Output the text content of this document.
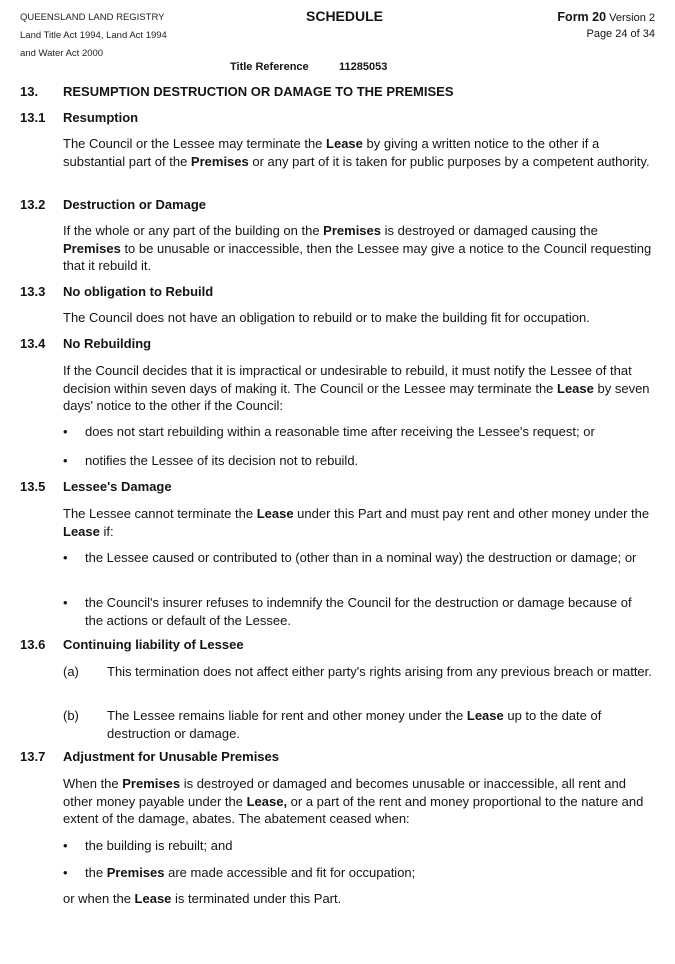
QUEENSLAND LAND REGISTRY
Land Title Act 1994, Land Act 1994
and Water Act 2000
SCHEDULE	Form 20 Version 2
Page 24 of 34
Title Reference	11285053
13. RESUMPTION DESTRUCTION OR DAMAGE TO THE PREMISES
13.1 Resumption
The Council or the Lessee may terminate the Lease by giving a written notice to the other if a substantial part of the Premises or any part of it is taken for public purposes by a competent authority.
13.2 Destruction or Damage
If the whole or any part of the building on the Premises is destroyed or damaged causing the Premises to be unusable or inaccessible, then the Lessee may give a notice to the Council requesting that it rebuild it.
13.3 No obligation to Rebuild
The Council does not have an obligation to rebuild or to make the building fit for occupation.
13.4 No Rebuilding
If the Council decides that it is impractical or undesirable to rebuild, it must notify the Lessee of that decision within seven days of making it. The Council or the Lessee may terminate the Lease by seven days' notice to the other if the Council:
•	does not start rebuilding within a reasonable time after receiving the Lessee's request; or
•	notifies the Lessee of its decision not to rebuild.
13.5 Lessee's Damage
The Lessee cannot terminate the Lease under this Part and must pay rent and other money under the Lease if:
•	the Lessee caused or contributed to (other than in a nominal way) the destruction or damage; or
•	the Council's insurer refuses to indemnify the Council for the destruction or damage because of the actions or default of the Lessee.
13.6 Continuing liability of Lessee
(a) This termination does not affect either party's rights arising from any previous breach or matter.
(b) The Lessee remains liable for rent and other money under the Lease up to the date of destruction or damage.
13.7 Adjustment for Unusable Premises
When the Premises is destroyed or damaged and becomes unusable or inaccessible, all rent and other money payable under the Lease, or a part of the rent and money proportional to the nature and extent of the damage, abates. The abatement ceased when:
•	the building is rebuilt; and
•	the Premises are made accessible and fit for occupation;
or when the Lease is terminated under this Part.
